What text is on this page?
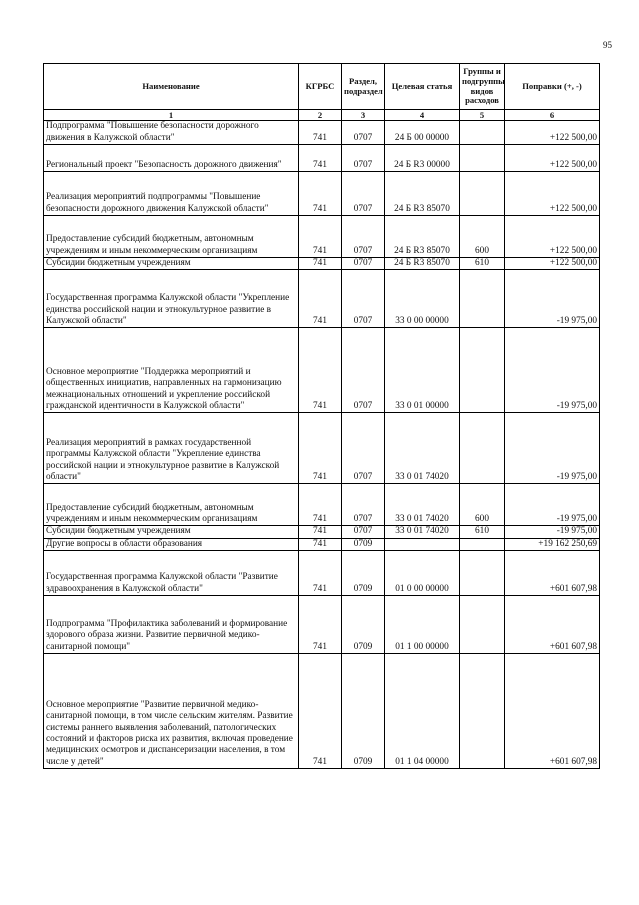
95
Наименование	КГРБС	Раздел, подраздел	Целевая статья	Группы и подгруппы видов расходов	Поправки (+, -)
1	2	3	4	5	6
Подпрограмма "Повышение безопасности дорожного движения в Калужской области"	741	0707	24 Б 00 00000		+122 500,00
Региональный проект "Безопасность дорожного движения"	741	0707	24 Б R3 00000		+122 500,00
Реализация мероприятий подпрограммы "Повышение безопасности дорожного движения Калужской области"	741	0707	24 Б R3 85070		+122 500,00
Предоставление субсидий бюджетным, автономным учреждениям и иным некоммерческим организациям	741	0707	24 Б R3 85070	600	+122 500,00
Субсидии бюджетным учреждениям	741	0707	24 Б R3 85070	610	+122 500,00
Государственная программа Калужской области "Укрепление единства российской нации и этнокультурное развитие в Калужской области"	741	0707	33 0 00 00000		-19 975,00
Основное мероприятие "Поддержка мероприятий и общественных инициатив, направленных на гармонизацию межнациональных отношений и укрепление российской гражданской идентичности в Калужской области"	741	0707	33 0 01 00000		-19 975,00
Реализация мероприятий в рамках государственной программы Калужской области "Укрепление единства российской нации и этнокультурное развитие в Калужской области"	741	0707	33 0 01 74020		-19 975,00
Предоставление субсидий бюджетным, автономным учреждениям и иным некоммерческим организациям	741	0707	33 0 01 74020	600	-19 975,00
Субсидии бюджетным учреждениям	741	0707	33 0 01 74020	610	-19 975,00
Другие вопросы в области образования	741	0709			+19 162 250,69
Государственная программа Калужской области "Развитие здравоохранения в Калужской области"	741	0709	01 0 00 00000		+601 607,98
Подпрограмма "Профилактика заболеваний и формирование здорового образа жизни. Развитие первичной медико-санитарной помощи"	741	0709	01 1 00 00000		+601 607,98
Основное мероприятие "Развитие первичной медико-санитарной помощи, в том числе сельским жителям. Развитие системы раннего выявления заболеваний, патологических состояний и факторов риска их развития, включая проведение медицинских осмотров и диспансеризации населения, в том числе у детей"	741	0709	01 1 04 00000		+601 607,98
